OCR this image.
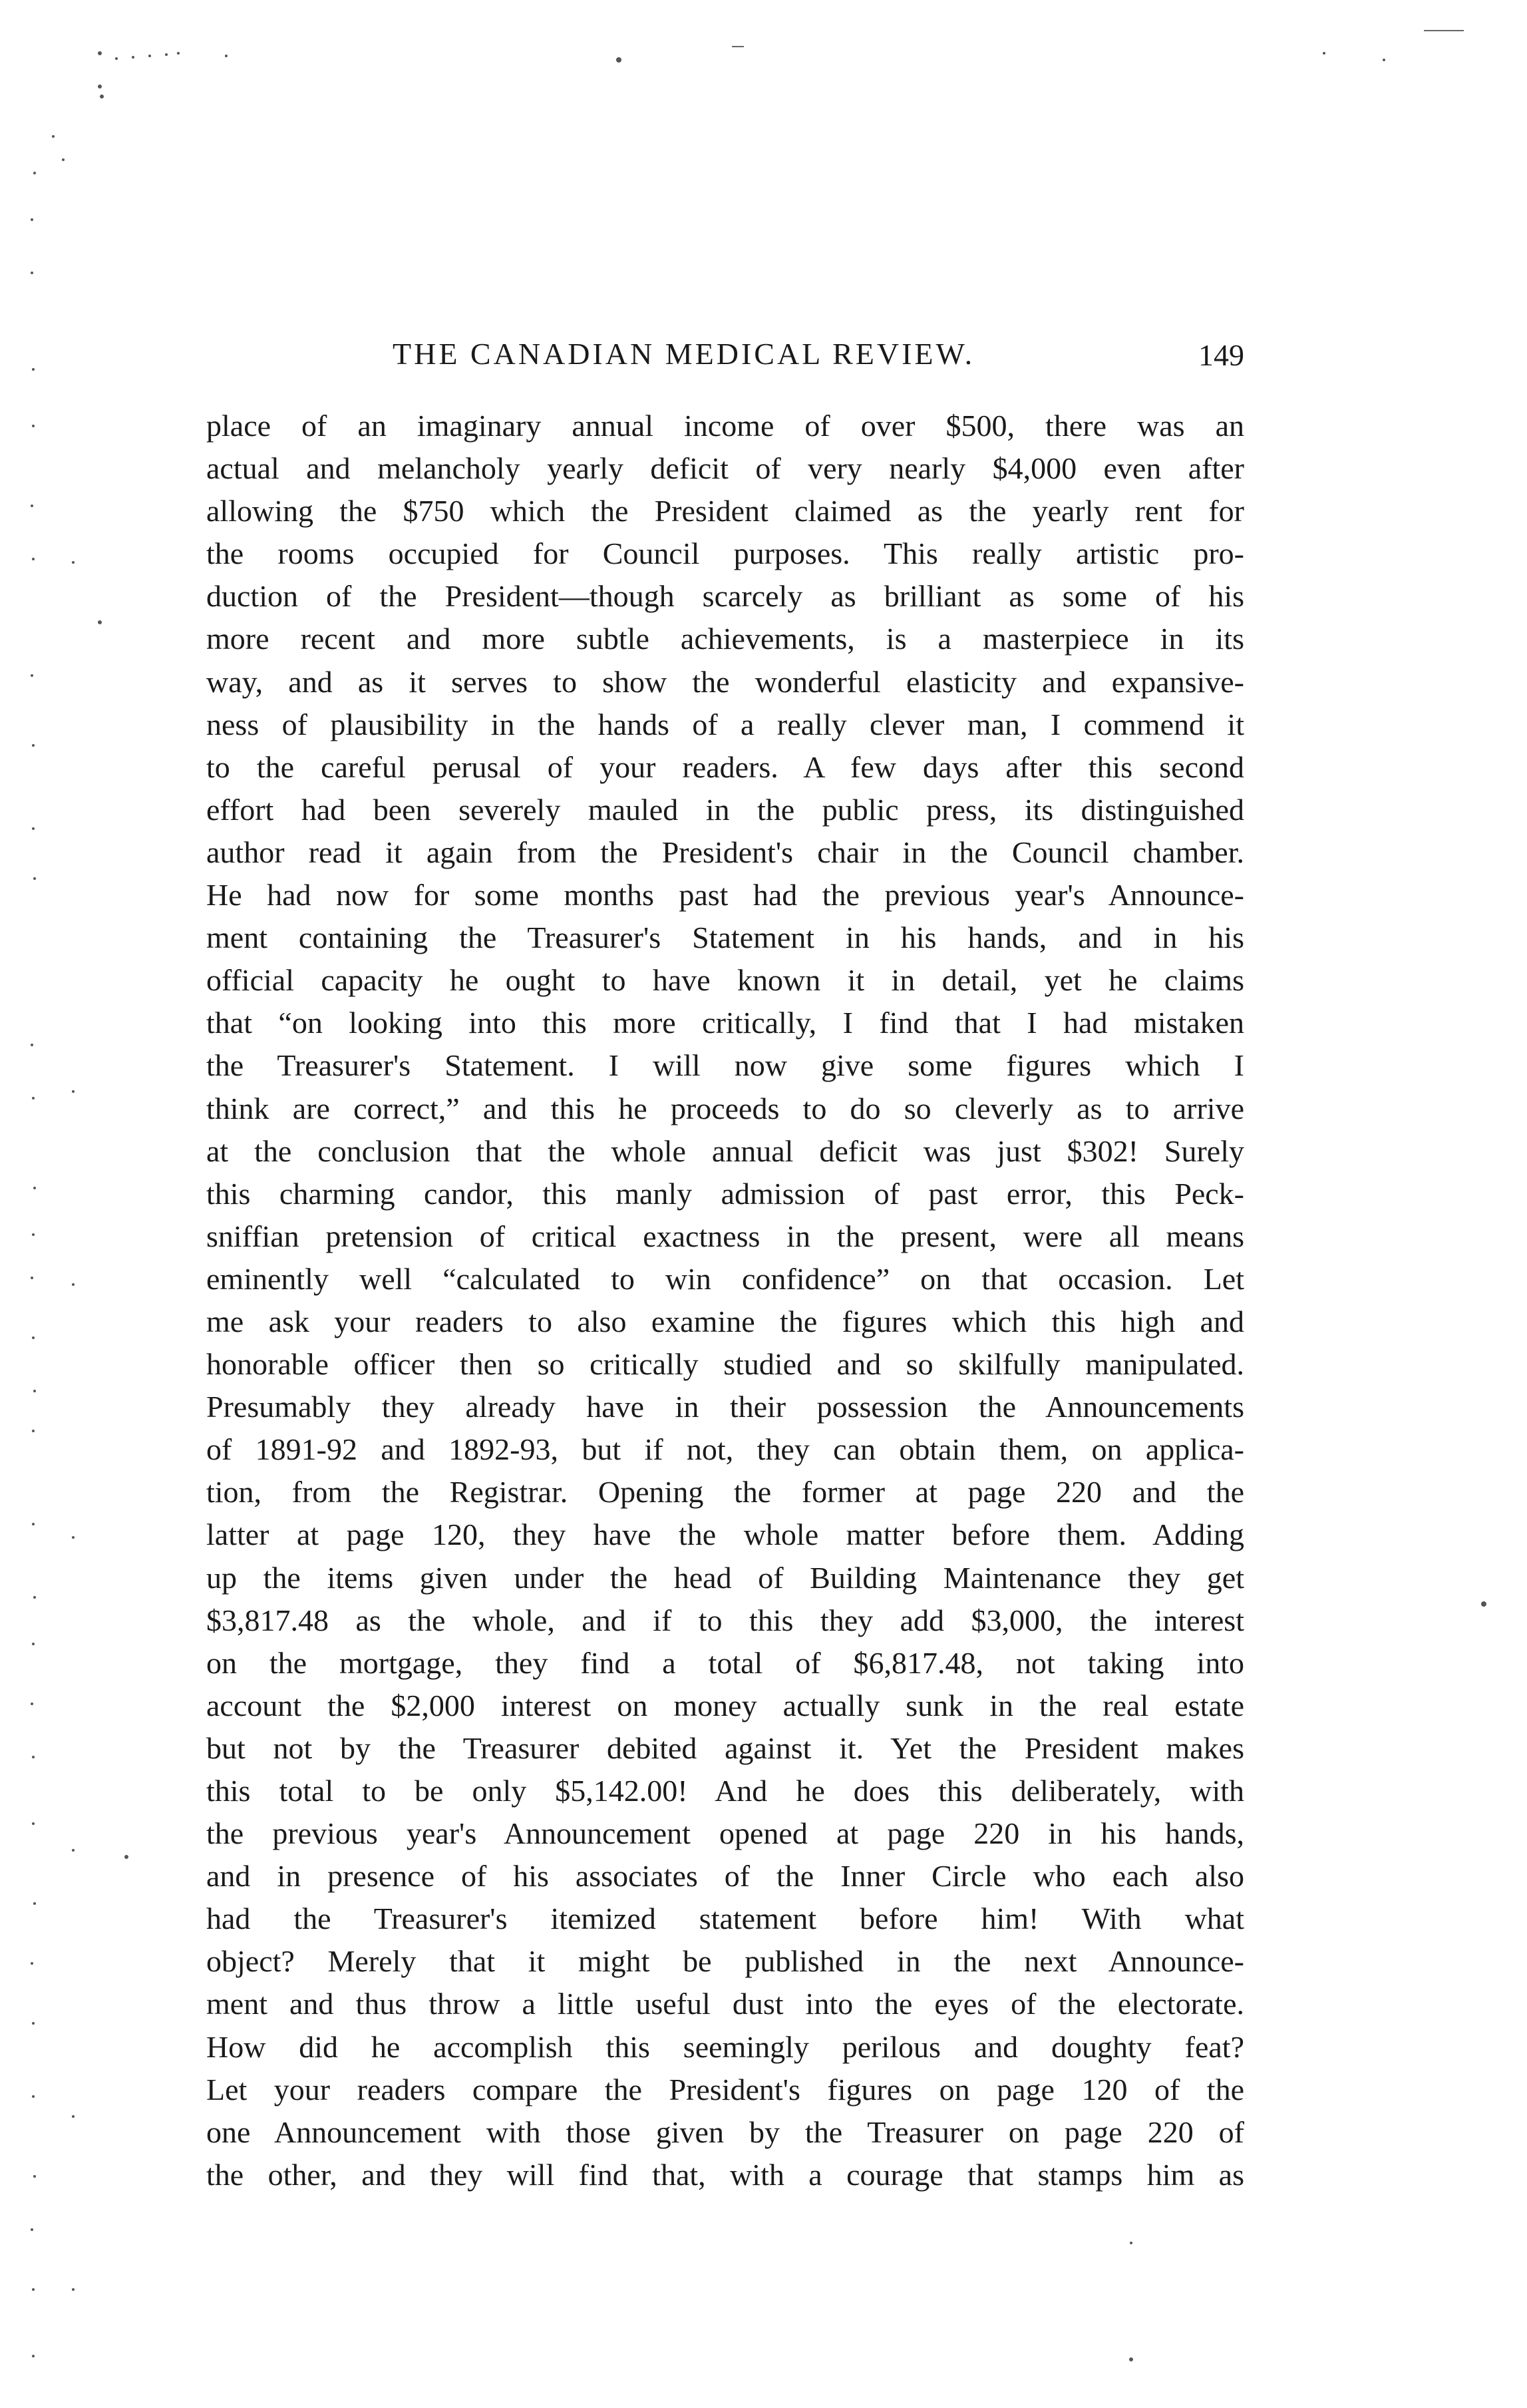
THE CANADIAN MEDICAL REVIEW.	149
place of an imaginary annual income of over $500, there was an
actual and melancholy yearly deficit of very nearly $4,000 even after
allowing the $750 which the President claimed as the yearly rent for
the rooms occupied for Council purposes. This really artistic pro-
duction of the President—though scarcely as brilliant as some of his
more recent and more subtle achievements, is a masterpiece in its
way, and as it serves to show the wonderful elasticity and expansive-
ness of plausibility in the hands of a really clever man, I commend it
to the careful perusal of your readers. A few days after this second
effort had been severely mauled in the public press, its distinguished
author read it again from the President's chair in the Council chamber.
He had now for some months past had the previous year's Announce-
ment containing the Treasurer's Statement in his hands, and in his
official capacity he ought to have known it in detail, yet he claims
that “on looking into this more critically, I find that I had mistaken
the Treasurer's Statement. I will now give some figures which I
think are correct,” and this he proceeds to do so cleverly as to arrive
at the conclusion that the whole annual deficit was just $302! Surely
this charming candor, this manly admission of past error, this Peck-
sniffian pretension of critical exactness in the present, were all means
eminently well “calculated to win confidence” on that occasion. Let
me ask your readers to also examine the figures which this high and
honorable officer then so critically studied and so skilfully manipulated.
Presumably they already have in their possession the Announcements
of 1891-92 and 1892-93, but if not, they can obtain them, on applica-
tion, from the Registrar. Opening the former at page 220 and the
latter at page 120, they have the whole matter before them. Adding
up the items given under the head of Building Maintenance they get
$3,817.48 as the whole, and if to this they add $3,000, the interest
on the mortgage, they find a total of $6,817.48, not taking into
account the $2,000 interest on money actually sunk in the real estate
but not by the Treasurer debited against it. Yet the President makes
this total to be only $5,142.00! And he does this deliberately, with
the previous year's Announcement opened at page 220 in his hands,
and in presence of his associates of the Inner Circle who each also
had the Treasurer's itemized statement before him! With what
object? Merely that it might be published in the next Announce-
ment and thus throw a little useful dust into the eyes of the electorate.
How did he accomplish this seemingly perilous and doughty feat?
Let your readers compare the President's figures on page 120 of the
one Announcement with those given by the Treasurer on page 220 of
the other, and they will find that, with a courage that stamps him as
